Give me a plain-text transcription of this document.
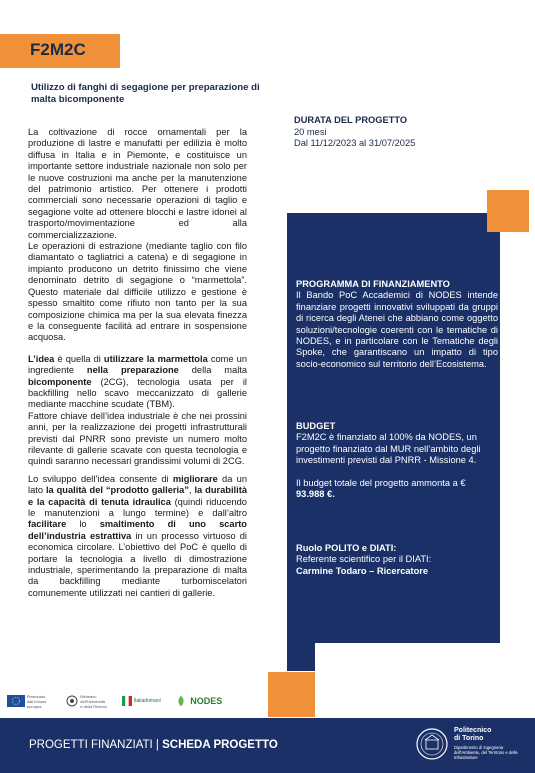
F2M2C
Utilizzo di fanghi di segagione per preparazione di malta bicomponente

La coltivazione di rocce ornamentali per la produzione di lastre e manufatti per edilizia è molto diffusa in Italia e in Piemonte, e costituisce un importante settore industriale nazionale non solo per le nuove costruzioni ma anche per la manutenzione del patrimonio artistico. Per ottenere i prodotti commerciali sono necessarie operazioni di taglio e segagione volte ad ottenere blocchi e lastre idonei al trasporto/movimentazione ed alla commercializzazione.

Le operazioni di estrazione (mediante taglio con filo diamantato o tagliatrici a catena) e di segagione in impianto producono un detrito finissimo che viene denominato detrito di segagione o “marmettola”. Questo materiale dal difficile utilizzo e gestione è spesso smaltito come rifiuto non tanto per la sua composizione chimica ma per la sua elevata finezza e la conseguente facilità ad entrare in sospensione acquosa.

L’idea è quella di utilizzare la marmettola come un ingrediente nella preparazione della malta bicomponente (2CG), tecnologia usata per il backfilling nello scavo meccanizzato di gallerie mediante macchine scudate (TBM).

Fattore chiave dell’idea industriale è che nei prossini anni, per la realizzazione dei progetti infrastrutturali previsti dal PNRR sono previste un numero molto rilevante di gallerie scavate con questa tecnologia e quindi saranno necessari grandissimi volumi di 2CG.

Lo sviluppo dell’idea consente di migliorare da un lato la qualità del “prodotto galleria”, la durabilità e la capacità di tenuta idraulica (quindi riducendo le manutenzioni a lungo termine) e dall’altro facilitare lo smaltimento di uno scarto dell’industria estrattiva in un processo virtuoso di economica circolare. L’obiettivo del PoC è quello di portare la tecnologia a livello di dimostrazione industriale, sperimentando la preparazione di malta da backfilling mediante turbomiscelatori comunemente utilizzati nei cantieri di gallerie.

DURATA DEL PROGETTO
20 mesi
Dal 11/12/2023 al 31/07/2025
PROGRAMMA DI FINANZIAMENTO
Il Bando PoC Accademici di NODES intende finanziare progetti innovativi sviluppati da gruppi di ricerca degli Atenei che abbiano come oggetto soluzioni/tecnologie coerenti con le tematiche di NODES, e in particolare con le Tematiche degli Spoke, che garantiscano un impatto di tipo socio-economico sul territorio dell’Ecosistema.
BUDGET
F2M2C è finanziato al 100% da NODES, un progetto finanziato dal MUR nell’ambito degli investimenti previsti dal PNRR - Missione 4.
Il budget totale del progetto ammonta a €
93.988 €.
Ruolo POLITO e DIATI:
Referente scientifico per il DIATI:
Carmine Todaro – Ricercatore
Finanziato dall'Unione europea
Ministero dell'Università e della Ricerca
Italiadomani	NODES
PROGETTI FINANZIATI | SCHEDA PROGETTO
Politecnico
di Torino
Dipartimento di Ingegneria dell'Ambiente, del Territorio e delle Infrastrutture
